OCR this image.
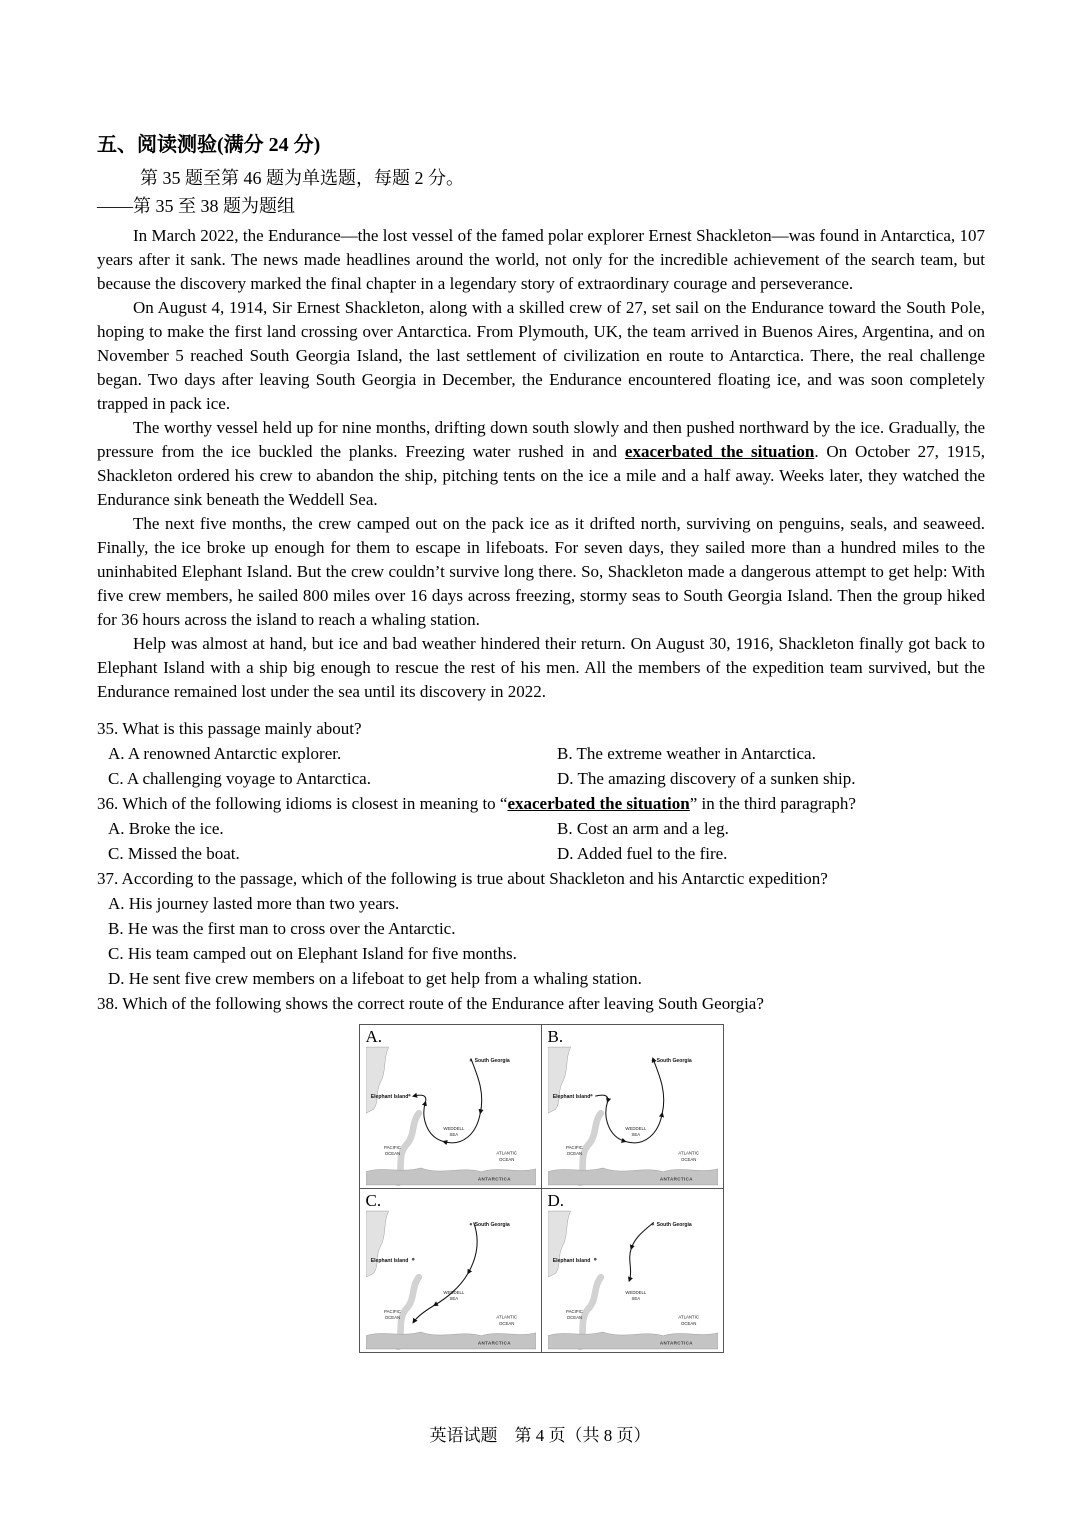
五、阅读测验(满分 24 分)

第 35 题至第 46 题为单选题，每题 2 分。

——第 35 至 38 题为题组

In March 2022, the Endurance—the lost vessel of the famed polar explorer Ernest Shackleton—was found in Antarctica, 107 years after it sank. The news made headlines around the world, not only for the incredible achievement of the search team, but because the discovery marked the final chapter in a legendary story of extraordinary courage and perseverance.

On August 4, 1914, Sir Ernest Shackleton, along with a skilled crew of 27, set sail on the Endurance toward the South Pole, hoping to make the first land crossing over Antarctica. From Plymouth, UK, the team arrived in Buenos Aires, Argentina, and on November 5 reached South Georgia Island, the last settlement of civilization en route to Antarctica. There, the real challenge began. Two days after leaving South Georgia in December, the Endurance encountered floating ice, and was soon completely trapped in pack ice.

The worthy vessel held up for nine months, drifting down south slowly and then pushed northward by the ice. Gradually, the pressure from the ice buckled the planks. Freezing water rushed in and exacerbated the situation. On October 27, 1915, Shackleton ordered his crew to abandon the ship, pitching tents on the ice a mile and a half away. Weeks later, they watched the Endurance sink beneath the Weddell Sea.

The next five months, the crew camped out on the pack ice as it drifted north, surviving on penguins, seals, and seaweed. Finally, the ice broke up enough for them to escape in lifeboats. For seven days, they sailed more than a hundred miles to the uninhabited Elephant Island. But the crew couldn’t survive long there. So, Shackleton made a dangerous attempt to get help: With five crew members, he sailed 800 miles over 16 days across freezing, stormy seas to South Georgia Island. Then the group hiked for 36 hours across the island to reach a whaling station.

Help was almost at hand, but ice and bad weather hindered their return. On August 30, 1916, Shackleton finally got back to Elephant Island with a ship big enough to rescue the rest of his men. All the members of the expedition team survived, but the Endurance remained lost under the sea until its discovery in 2022.

35. What is this passage mainly about?

A. A renowned Antarctic explorer.	B. The extreme weather in Antarctica.
C. A challenging voyage to Antarctica.	D. The amazing discovery of a sunken ship.

36. Which of the following idioms is closest in meaning to “exacerbated the situation” in the third paragraph?

A. Broke the ice.	B. Cost an arm and a leg.
C. Missed the boat.	D. Added fuel to the fire.

37. According to the passage, which of the following is true about Shackleton and his Antarctic expedition?

A. His journey lasted more than two years.

B. He was the first man to cross over the Antarctic.

C. His team camped out on Elephant Island for five months.

D. He sent five crew members on a lifeboat to get help from a whaling station.

38. Which of the following shows the correct route of the Endurance after leaving South Georgia?

A.
South Georgia
Elephant Island
WEDDELL
SEA
PACIFIC
OCEAN	ATLANTIC
OCEAN
ANTARCTICA
B.
South Georgia
Elephant Island
WEDDELL
SEA
PACIFIC
OCEAN	ATLANTIC
OCEAN
ANTARCTICA
C.
South Georgia
Elephant Island
WEDDELL
SEA
PACIFIC
OCEAN	ATLANTIC
OCEAN
ANTARCTICA
D.
South Georgia
Elephant Island
WEDDELL
SEA
PACIFIC
OCEAN	ATLANTIC
OCEAN
ANTARCTICA
英语试题　第 4 页（共 8 页）
